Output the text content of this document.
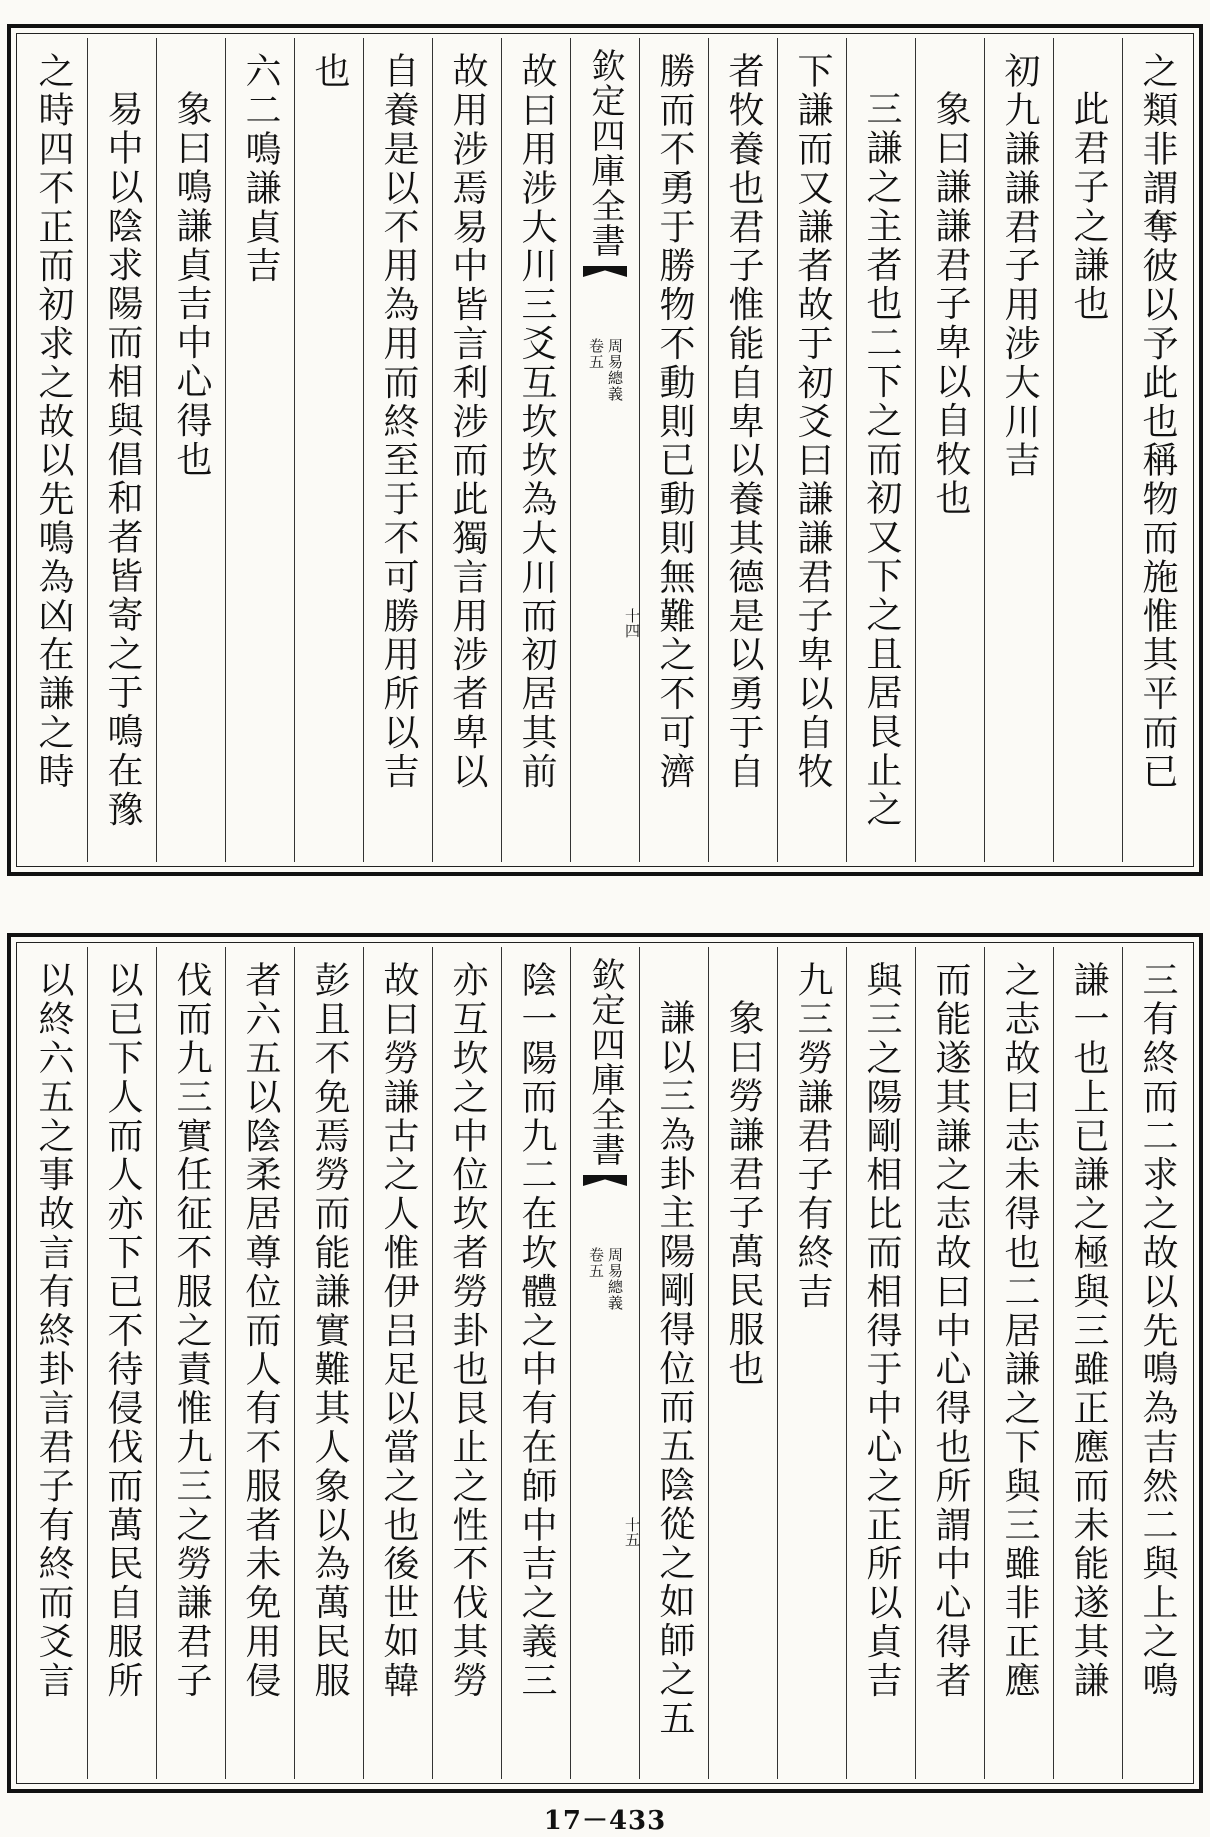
之類非謂奪彼以予此也稱物而施惟其平而已
此君子之謙也
初九謙謙君子用涉大川吉
象曰謙謙君子卑以自牧也
三謙之主者也二下之而初又下之且居艮止之
下謙而又謙者故于初爻曰謙謙君子卑以自牧
者牧養也君子惟能自卑以養其德是以勇于自
勝而不勇于勝物不動則已動則無難之不可濟
欽定四庫全書
周易總義
卷五
十四
故曰用涉大川三爻互坎坎為大川而初居其前
故用涉焉易中皆言利涉而此獨言用涉者卑以
自養是以不用為用而終至于不可勝用所以吉
也
六二鳴謙貞吉
象曰鳴謙貞吉中心得也
易中以陰求陽而相與倡和者皆寄之于鳴在豫
之時四不正而初求之故以先鳴為凶在謙之時
三有終而二求之故以先鳴為吉然二與上之鳴
謙一也上已謙之極與三雖正應而未能遂其謙
之志故曰志未得也二居謙之下與三雖非正應
而能遂其謙之志故曰中心得也所謂中心得者
與三之陽剛相比而相得于中心之正所以貞吉
九三勞謙君子有終吉
象曰勞謙君子萬民服也
謙以三為卦主陽剛得位而五陰從之如師之五
欽定四庫全書
周易總義
卷五
十五
陰一陽而九二在坎體之中有在師中吉之義三
亦互坎之中位坎者勞卦也艮止之性不伐其勞
故曰勞謙古之人惟伊吕足以當之也後世如韓
彭且不免焉勞而能謙實難其人象以為萬民服
者六五以陰柔居尊位而人有不服者未免用侵
伐而九三實任征不服之責惟九三之勞謙君子
以已下人而人亦下已不待侵伐而萬民自服所
以終六五之事故言有終卦言君子有終而爻言
17－433
